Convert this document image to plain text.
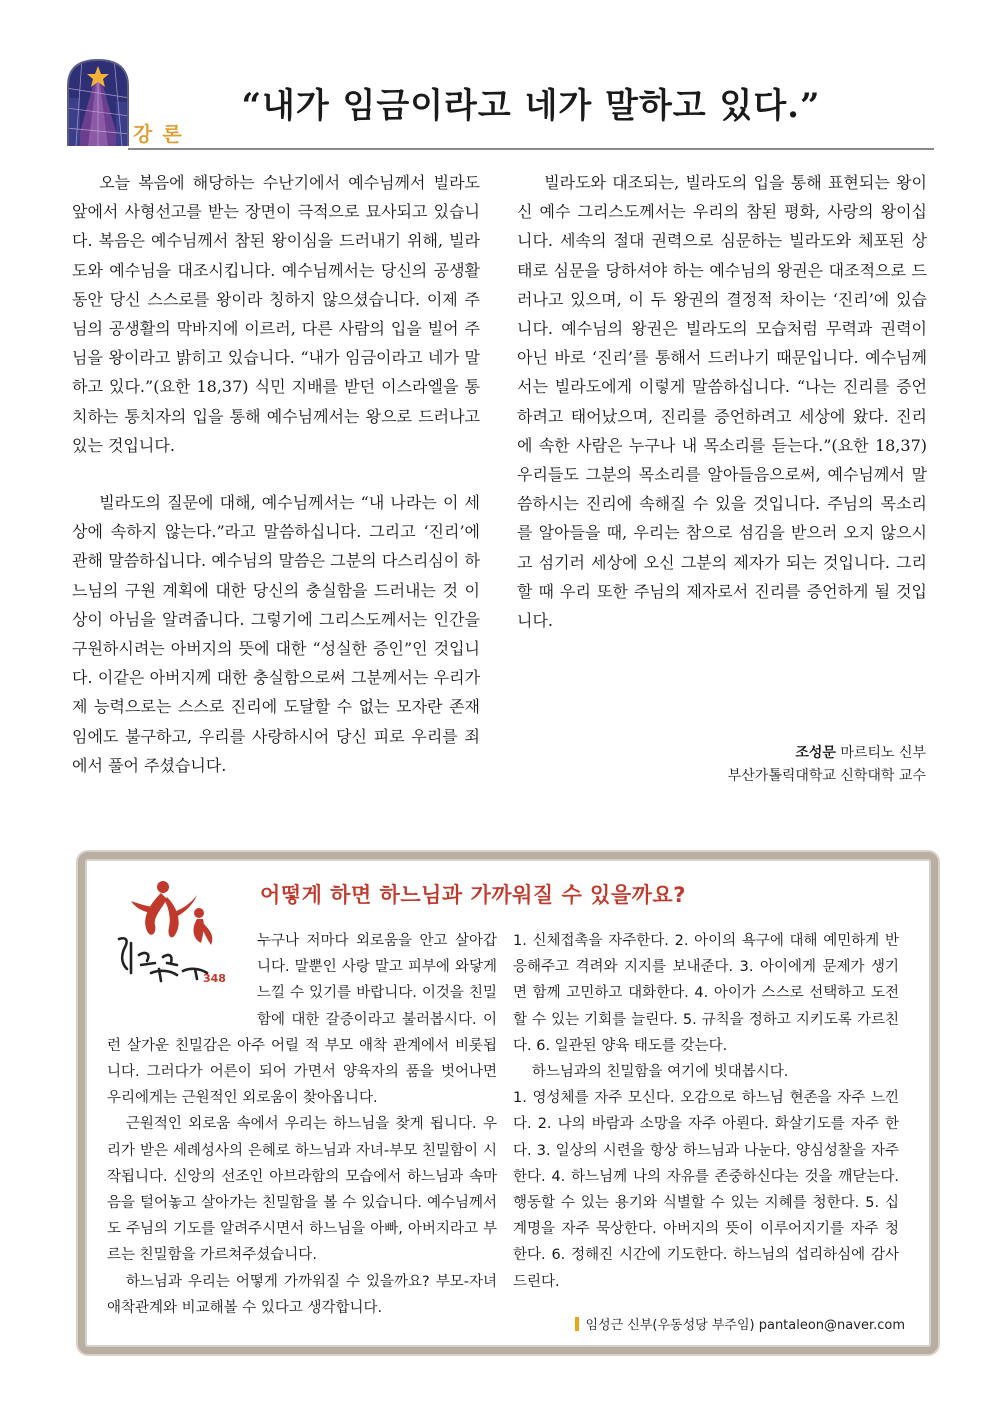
강론
“내가 임금이라고 네가 말하고 있다.”

오늘 복음에 해당하는 수난기에서 예수님께서 빌라도 앞에서 사형선고를 받는 장면이 극적으로 묘사되고 있습니다. 복음은 예수님께서 참된 왕이심을 드러내기 위해, 빌라도와 예수님을 대조시킵니다. 예수님께서는 당신의 공생활 동안 당신 스스로를 왕이라 칭하지 않으셨습니다. 이제 주님의 공생활의 막바지에 이르러, 다른 사람의 입을 빌어 주님을 왕이라고 밝히고 있습니다. “내가 임금이라고 네가 말하고 있다.”(요한 18,37) 식민 지배를 받던 이스라엘을 통치하는 통치자의 입을 통해 예수님께서는 왕으로 드러나고 있는 것입니다.

빌라도의 질문에 대해, 예수님께서는 “내 나라는 이 세상에 속하지 않는다.”라고 말씀하십니다. 그리고 ‘진리’에 관해 말씀하십니다. 예수님의 말씀은 그분의 다스리심이 하느님의 구원 계획에 대한 당신의 충실함을 드러내는 것 이상이 아님을 알려줍니다. 그렇기에 그리스도께서는 인간을 구원하시려는 아버지의 뜻에 대한 “성실한 증인”인 것입니다. 이같은 아버지께 대한 충실함으로써 그분께서는 우리가 제 능력으로는 스스로 진리에 도달할 수 없는 모자란 존재임에도 불구하고, 우리를 사랑하시어 당신 피로 우리를 죄에서 풀어 주셨습니다.

빌라도와 대조되는, 빌라도의 입을 통해 표현되는 왕이신 예수 그리스도께서는 우리의 참된 평화, 사랑의 왕이십니다. 세속의 절대 권력으로 심문하는 빌라도와 체포된 상태로 심문을 당하셔야 하는 예수님의 왕권은 대조적으로 드러나고 있으며, 이 두 왕권의 결정적 차이는 ‘진리’에 있습니다. 예수님의 왕권은 빌라도의 모습처럼 무력과 권력이 아닌 바로 ‘진리’를 통해서 드러나기 때문입니다. 예수님께서는 빌라도에게 이렇게 말씀하십니다. “나는 진리를 증언하려고 태어났으며, 진리를 증언하려고 세상에 왔다. 진리에 속한 사람은 누구나 내 목소리를 듣는다.”(요한 18,37) 우리들도 그분의 목소리를 알아들음으로써, 예수님께서 말씀하시는 진리에 속해질 수 있을 것입니다. 주님의 목소리를 알아들을 때, 우리는 참으로 섬김을 받으러 오지 않으시고 섬기러 세상에 오신 그분의 제자가 되는 것입니다. 그리할 때 우리 또한 주님의 제자로서 진리를 증언하게 될 것입니다.

조성문 마르티노 신부
부산가톨릭대학교 신학대학 교수
348
어떻게 하면 하느님과 가까워질 수 있을까요?

누구나 저마다 외로움을 안고 살아갑니다. 말뿐인 사랑 말고 피부에 와닿게 느낄 수 있기를 바랍니다. 이것을 친밀함에 대한 갈증이라고 불러봅시다. 이런 살가운 친밀감은 아주 어릴 적 부모 애착 관계에서 비롯됩니다. 그러다가 어른이 되어 가면서 양육자의 품을 벗어나면 우리에게는 근원적인 외로움이 찾아옵니다.

근원적인 외로움 속에서 우리는 하느님을 찾게 됩니다. 우리가 받은 세례성사의 은혜로 하느님과 자녀-부모 친밀함이 시작됩니다. 신앙의 선조인 아브라함의 모습에서 하느님과 속마음을 털어놓고 살아가는 친밀함을 볼 수 있습니다. 예수님께서도 주님의 기도를 알려주시면서 하느님을 아빠, 아버지라고 부르는 친밀함을 가르쳐주셨습니다.

하느님과 우리는 어떻게 가까워질 수 있을까요? 부모-자녀 애착관계와 비교해볼 수 있다고 생각합니다.

1. 신체접촉을 자주한다. 2. 아이의 욕구에 대해 예민하게 반응해주고 격려와 지지를 보내준다. 3. 아이에게 문제가 생기면 함께 고민하고 대화한다. 4. 아이가 스스로 선택하고 도전할 수 있는 기회를 늘린다. 5. 규칙을 정하고 지키도록 가르친다. 6. 일관된 양육 태도를 갖는다.

하느님과의 친밀함을 여기에 빗대봅시다.

1. 영성체를 자주 모신다. 오감으로 하느님 현존을 자주 느낀다. 2. 나의 바람과 소망을 자주 아뢴다. 화살기도를 자주 한다. 3. 일상의 시련을 항상 하느님과 나눈다. 양심성찰을 자주 한다. 4. 하느님께 나의 자유를 존중하신다는 것을 깨닫는다. 행동할 수 있는 용기와 식별할 수 있는 지혜를 청한다. 5. 십계명을 자주 묵상한다. 아버지의 뜻이 이루어지기를 자주 청한다. 6. 정해진 시간에 기도한다. 하느님의 섭리하심에 감사드린다.

임성근 신부(우동성당 부주임) pantaleon@naver.com
